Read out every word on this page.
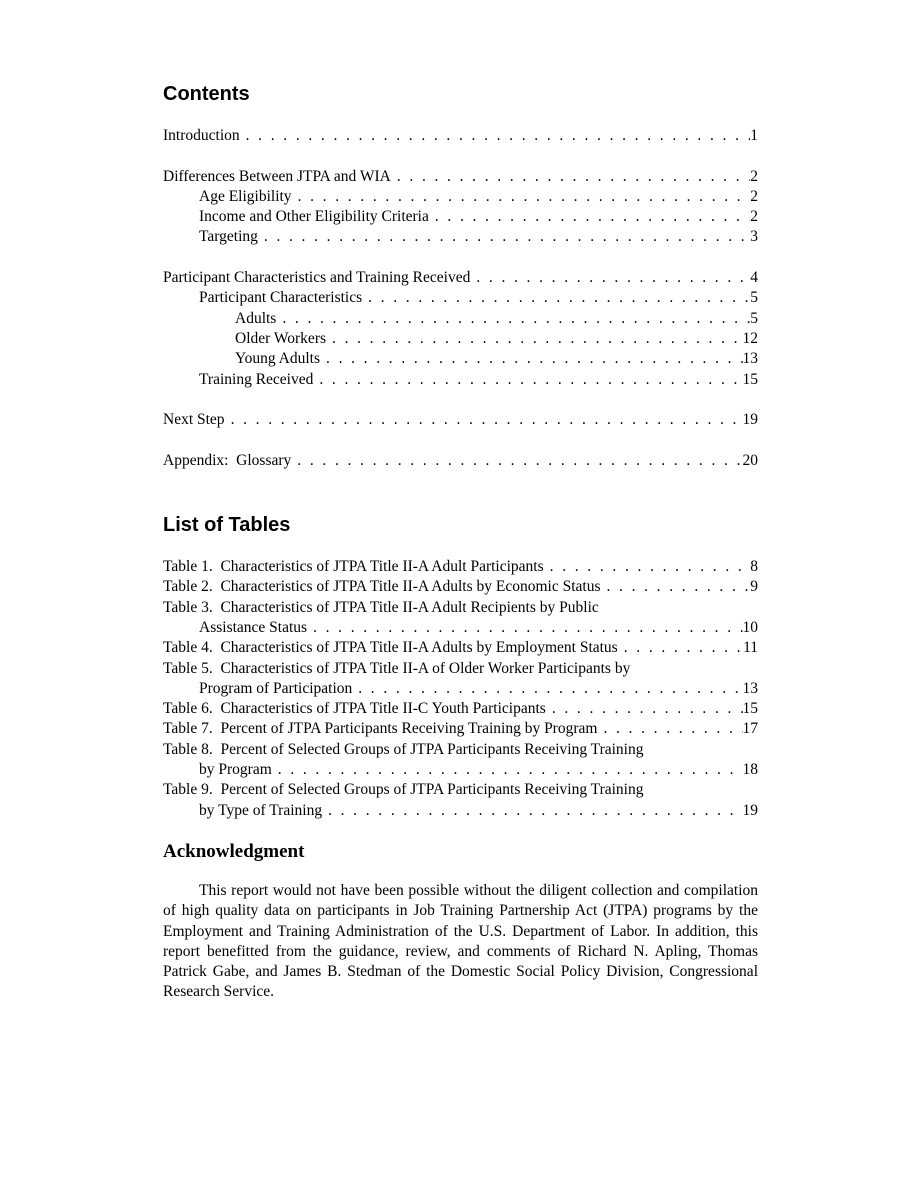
Contents
Introduction . . .	1
Differences Between JTPA and WIA . . .	2
Age Eligibility . . .	2
Income and Other Eligibility Criteria . . .	2
Targeting . . .	3
Participant Characteristics and Training Received . . .	4
Participant Characteristics . . .	5
Adults . . .	5
Older Workers . . .	12
Young Adults . . .	13
Training Received . . .	15
Next Step . . .	19
Appendix:  Glossary . . .	20
List of Tables
Table 1.  Characteristics of JTPA Title II-A Adult Participants . . .	8
Table 2.  Characteristics of JTPA Title II-A Adults by Economic Status . . .	9
Table 3.  Characteristics of JTPA Title II-A Adult Recipients by Public
Assistance Status . . .	10
Table 4.  Characteristics of JTPA Title II-A Adults by Employment Status . . .	11
Table 5.  Characteristics of JTPA Title II-A of Older Worker Participants by
Program of Participation . . .	13
Table 6.  Characteristics of JTPA Title II-C Youth Participants . . .	15
Table 7.  Percent of JTPA Participants Receiving Training by Program . . .	17
Table 8.  Percent of Selected Groups of JTPA Participants Receiving Training
by Program . . .	18
Table 9.  Percent of Selected Groups of JTPA Participants Receiving Training
by Type of Training . . .	19
Acknowledgment

This report would not have been possible without the diligent collection and compilation of high quality data on participants in Job Training Partnership Act (JTPA) programs by the Employment and Training Administration of the U.S. Department of Labor. In addition, this report benefitted from the guidance, review, and comments of Richard N. Apling, Thomas Patrick Gabe, and James B. Stedman of the Domestic Social Policy Division, Congressional Research Service.
